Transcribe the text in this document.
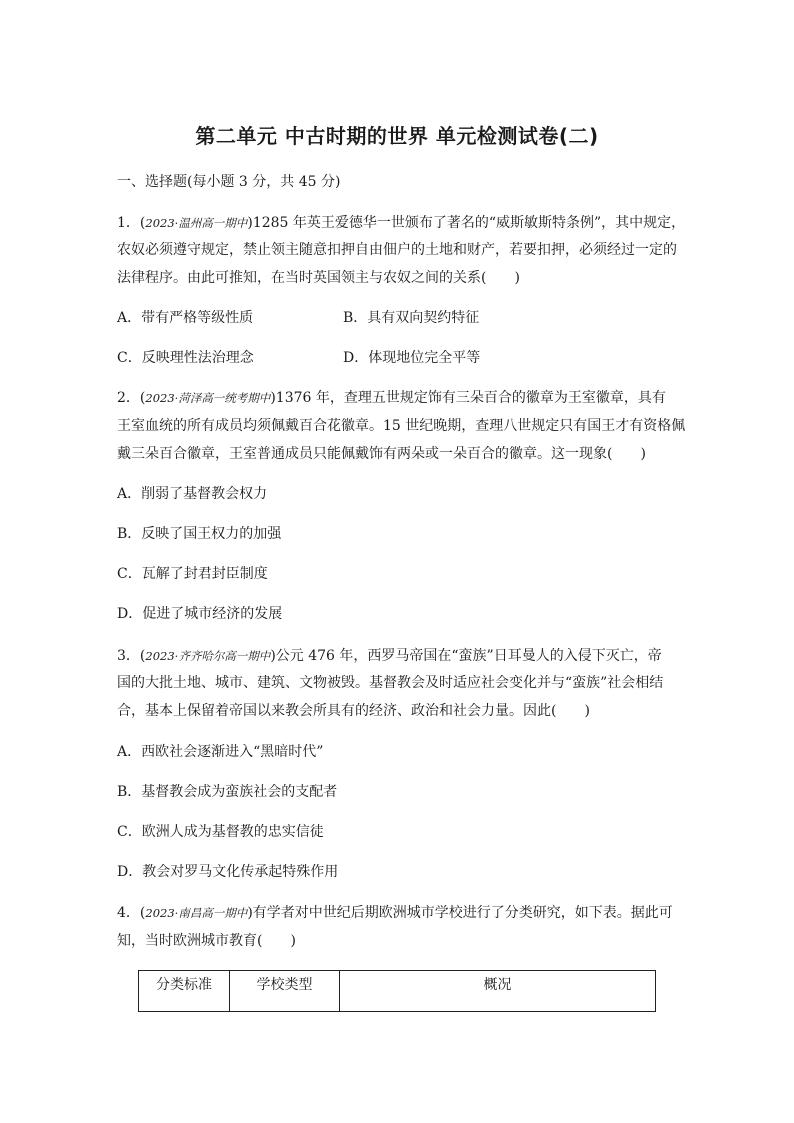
第二单元 中古时期的世界 单元检测试卷(二)
一、选择题(每小题 3 分，共 45 分)
1．(2023·温州高一期中)1285 年英王爱德华一世颁布了著名的“威斯敏斯特条例”，其中规定，
农奴必须遵守规定，禁止领主随意扣押自由佃户的土地和财产，若要扣押，必须经过一定的
法律程序。由此可推知，在当时英国领主与农奴之间的关系(　　)
A．带有严格等级性质	B．具有双向契约特征
C．反映理性法治理念	D．体现地位完全平等
2．(2023·菏泽高一统考期中)1376 年，查理五世规定饰有三朵百合的徽章为王室徽章，具有
王室血统的所有成员均须佩戴百合花徽章。15 世纪晚期，查理八世规定只有国王才有资格佩
戴三朵百合徽章，王室普通成员只能佩戴饰有两朵或一朵百合的徽章。这一现象(　　)
A．削弱了基督教会权力
B．反映了国王权力的加强
C．瓦解了封君封臣制度
D．促进了城市经济的发展
3．(2023·齐齐哈尔高一期中)公元 476 年，西罗马帝国在“蛮族”日耳曼人的入侵下灭亡，帝
国的大批土地、城市、建筑、文物被毁。基督教会及时适应社会变化并与“蛮族”社会相结
合，基本上保留着帝国以来教会所具有的经济、政治和社会力量。因此(　　)
A．西欧社会逐渐进入“黑暗时代”
B．基督教会成为蛮族社会的支配者
C．欧洲人成为基督教的忠实信徒
D．教会对罗马文化传承起特殊作用
4．(2023·南昌高一期中)有学者对中世纪后期欧洲城市学校进行了分类研究，如下表。据此可
知，当时欧洲城市教育(　　)
分类标准	学校类型	概况
